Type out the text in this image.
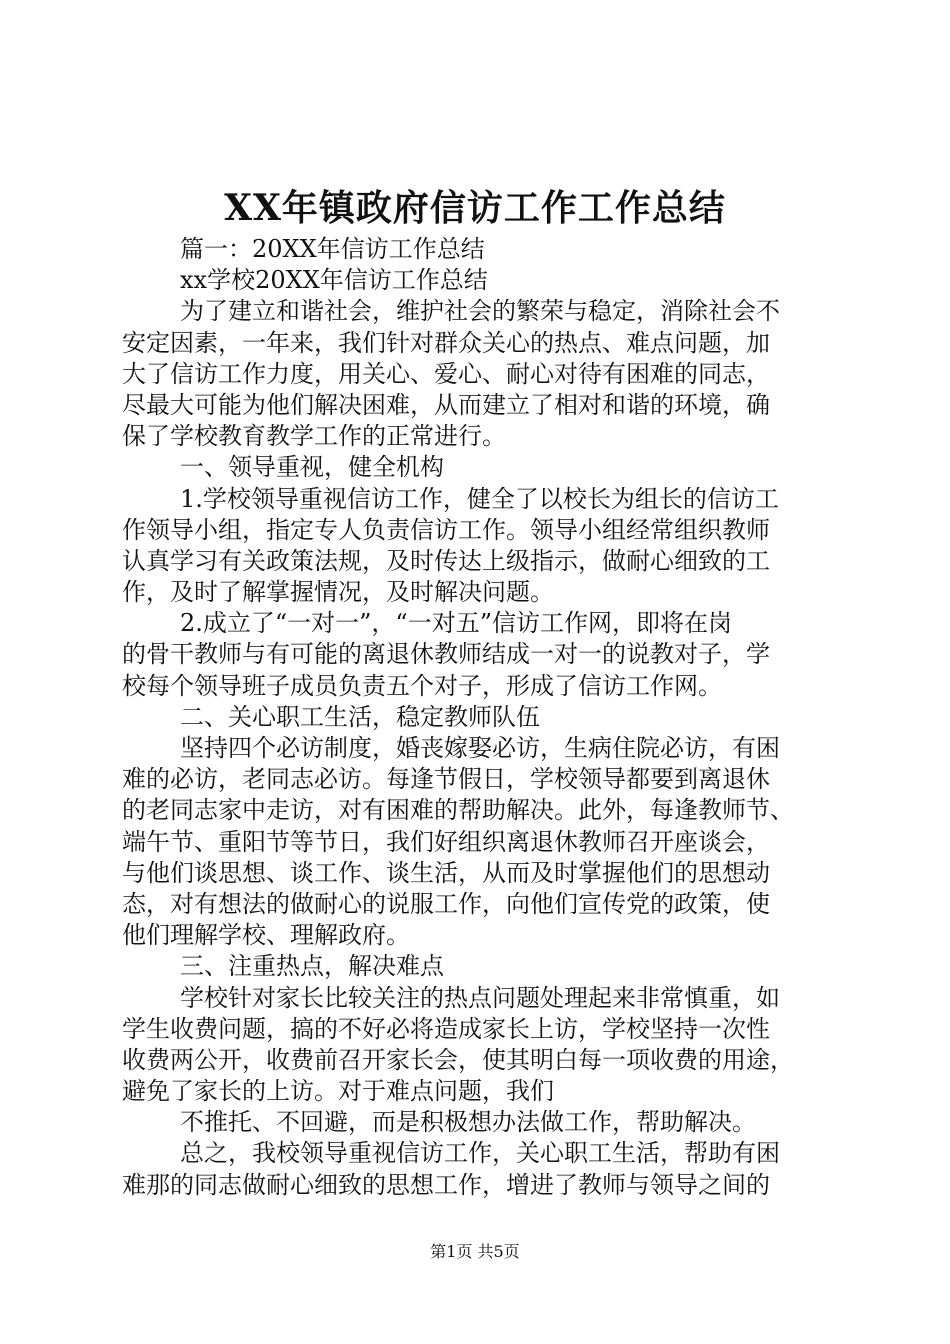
XX年镇政府信访工作工作总结
篇一：20XX年信访工作总结
xx学校20XX年信访工作总结
为了建立和谐社会，维护社会的繁荣与稳定，消除社会不
安定因素，一年来，我们针对群众关心的热点、难点问题，加
大了信访工作力度，用关心、爱心、耐心对待有困难的同志，
尽最大可能为他们解决困难，从而建立了相对和谐的环境，确
保了学校教育教学工作的正常进行。
一、领导重视，健全机构
1.学校领导重视信访工作，健全了以校长为组长的信访工
作领导小组，指定专人负责信访工作。领导小组经常组织教师
认真学习有关政策法规，及时传达上级指示，做耐心细致的工
作，及时了解掌握情况，及时解决问题。
2.成立了“一对一”，“一对五”信访工作网，即将在岗
的骨干教师与有可能的离退休教师结成一对一的说教对子，学
校每个领导班子成员负责五个对子，形成了信访工作网。
二、关心职工生活，稳定教师队伍
坚持四个必访制度，婚丧嫁娶必访，生病住院必访，有困
难的必访，老同志必访。每逢节假日，学校领导都要到离退休
的老同志家中走访，对有困难的帮助解决。此外，每逢教师节、
端午节、重阳节等节日，我们好组织离退休教师召开座谈会，
与他们谈思想、谈工作、谈生活，从而及时掌握他们的思想动
态，对有想法的做耐心的说服工作，向他们宣传党的政策，使
他们理解学校、理解政府。
三、注重热点，解决难点
学校针对家长比较关注的热点问题处理起来非常慎重，如
学生收费问题，搞的不好必将造成家长上访，学校坚持一次性
收费两公开，收费前召开家长会，使其明白每一项收费的用途，
避免了家长的上访。对于难点问题，我们
不推托、不回避，而是积极想办法做工作，帮助解决。
总之，我校领导重视信访工作，关心职工生活，帮助有困
难那的同志做耐心细致的思想工作，增进了教师与领导之间的
第1页 共5页
